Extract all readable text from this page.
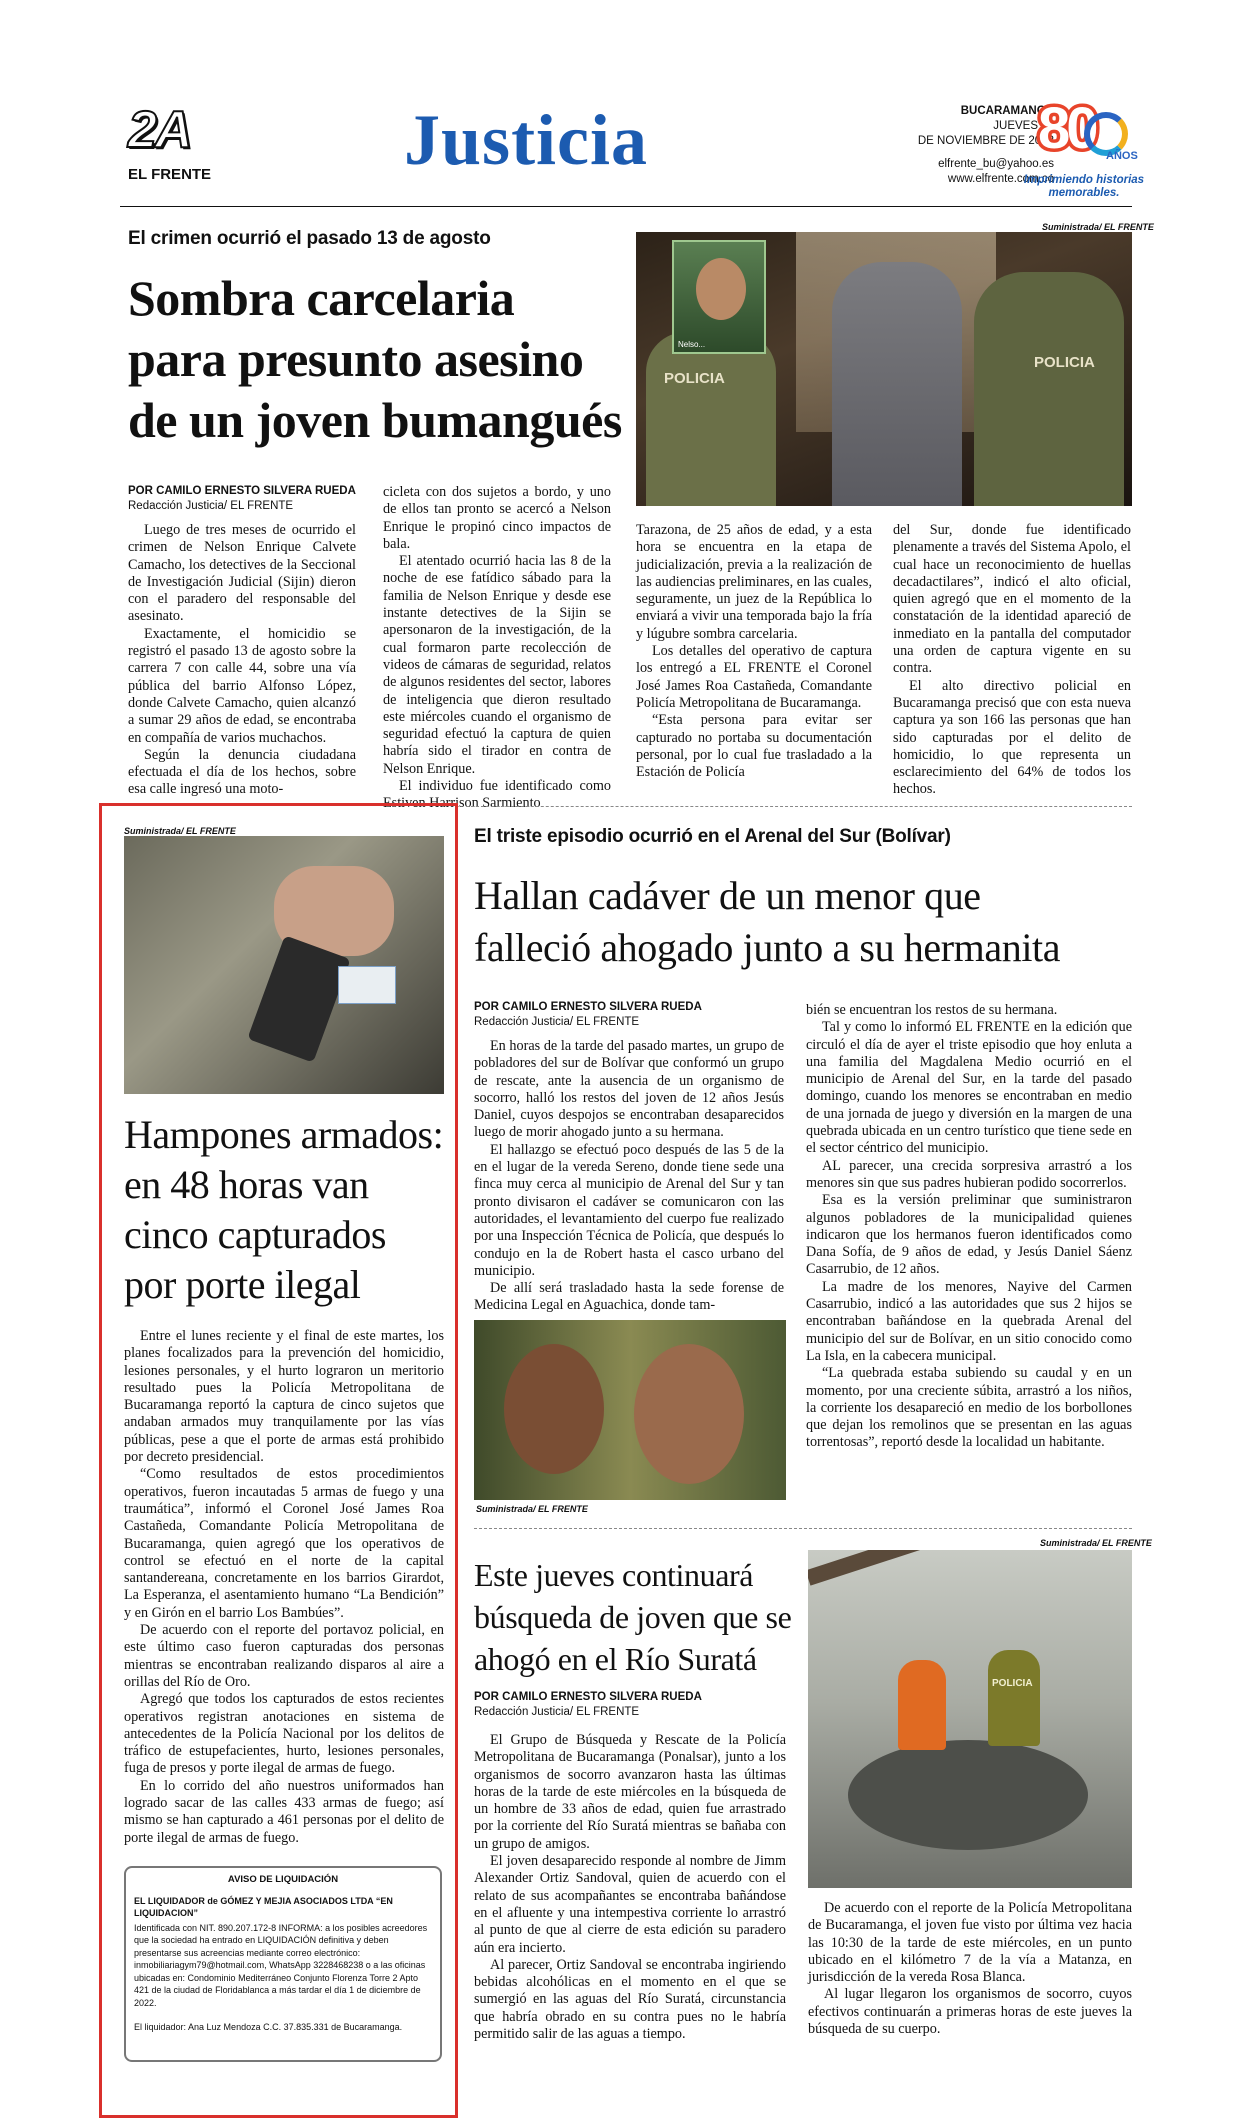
2A
EL FRENTE	Justicia	BUCARAMANGA
JUEVES 17
DE NOVIEMBRE DE 2022
elfrente_bu@yahoo.es
www.elfrente.com.co
80 AÑOS
Imprimiendo historias
memorables.
El crimen ocurrió el pasado 13 de agosto
Sombra carcelaria
para presunto asesino
de un joven bumangués
Suministrada/ EL FRENTE
POLICIA
POLICIA
Nelso...
POR CAMILO ERNESTO SILVERA RUEDA
Redacción Justicia/ EL FRENTE

Luego de tres meses de ocurrido el crimen de Nelson Enrique Calvete Camacho, los detectives de la Seccional de Investigación Judicial (Sijin) dieron con el paradero del responsable del asesinato.

Exactamente, el homicidio se registró el pasado 13 de agosto sobre la carrera 7 con calle 44, sobre una vía pública del barrio Alfonso López, donde Calvete Camacho, quien alcanzó a sumar 29 años de edad, se encontraba en compañía de varios muchachos.

Según la denuncia ciudadana efectuada el día de los hechos, sobre esa calle ingresó una moto-

cicleta con dos sujetos a bordo, y uno de ellos tan pronto se acercó a Nelson Enrique le propinó cinco impactos de bala.

El atentado ocurrió hacia las 8 de la noche de ese fatídico sábado para la familia de Nelson Enrique y desde ese instante detectives de la Sijin se apersonaron de la investigación, de la cual formaron parte recolección de videos de cámaras de seguridad, relatos de algunos residentes del sector, labores de inteligencia que dieron resultado este miércoles cuando el organismo de seguridad efectuó la captura de quien habría sido el tirador en contra de Nelson Enrique.

El individuo fue identificado como Estiven Harrison Sarmiento

Tarazona, de 25 años de edad, y a esta hora se encuentra en la etapa de judicialización, previa a la realización de las audiencias preliminares, en las cuales, seguramente, un juez de la República lo enviará a vivir una temporada bajo la fría y lúgubre sombra carcelaria.

Los detalles del operativo de captura los entregó a EL FRENTE el Coronel José James Roa Castañeda, Comandante Policía Metropolitana de Bucaramanga.

“Esta persona para evitar ser capturado no portaba su documentación personal, por lo cual fue trasladado a la Estación de Policía

del Sur, donde fue identificado plenamente a través del Sistema Apolo, el cual hace un reconocimiento de huellas decadactilares”, indicó el alto oficial, quien agregó que en el momento de la constatación de la identidad apareció de inmediato en la pantalla del computador una orden de captura vigente en su contra.

El alto directivo policial en Bucaramanga precisó que con esta nueva captura ya son 166 las personas que han sido capturadas por el delito de homicidio, lo que representa un esclarecimiento del 64% de todos los hechos.

Suministrada/ EL FRENTE
Hampones armados:
en 48 horas van
cinco capturados
por porte ilegal

Entre el lunes reciente y el final de este martes, los planes focalizados para la prevención del homicidio, lesiones personales, y el hurto lograron un meritorio resultado pues la Policía Metropolitana de Bucaramanga reportó la captura de cinco sujetos que andaban armados muy tranquilamente por las vías públicas, pese a que el porte de armas está prohibido por decreto presidencial.

“Como resultados de estos procedimientos operativos, fueron incautadas 5 armas de fuego y una traumática”, informó el Coronel José James Roa Castañeda, Comandante Policía Metropolitana de Bucaramanga, quien agregó que los operativos de control se efectuó en el norte de la capital santandereana, concretamente en los barrios Girardot, La Esperanza, el asentamiento humano “La Bendición” y en Girón en el barrio Los Bambúes”.

De acuerdo con el reporte del portavoz policial, en este último caso fueron capturadas dos personas mientras se encontraban realizando disparos al aire a orillas del Río de Oro.

Agregó que todos los capturados de estos recientes operativos registran anotaciones en sistema de antecedentes de la Policía Nacional por los delitos de tráfico de estupefacientes, hurto, lesiones personales, fuga de presos y porte ilegal de armas de fuego.

En lo corrido del año nuestros uniformados han logrado sacar de las calles 433 armas de fuego; así mismo se han capturado a 461 personas por el delito de porte ilegal de armas de fuego.

AVISO DE LIQUIDACIÓN
EL LIQUIDADOR de GÓMEZ Y MEJIA ASOCIADOS LTDA “EN LIQUIDACION”
Identificada con NIT. 890.207.172-8 INFORMA: a los posibles acreedores que la sociedad ha entrado en LIQUIDACIÓN definitiva y deben presentarse sus acreencias mediante correo electrónico: inmobiliariagym79@hotmail.com, WhatsApp 3228468238 o a las oficinas ubicadas en: Condominio Mediterráneo Conjunto Florenza Torre 2 Apto 421 de la ciudad de Floridablanca a más tardar el día 1 de diciembre de 2022.
El liquidador: Ana Luz Mendoza C.C. 37.835.331 de Bucaramanga.
El triste episodio ocurrió en el Arenal del Sur (Bolívar)
Hallan cadáver de un menor que
falleció ahogado junto a su hermanita
POR CAMILO ERNESTO SILVERA RUEDA
Redacción Justicia/ EL FRENTE

En horas de la tarde del pasado martes, un grupo de pobladores del sur de Bolívar que conformó un grupo de rescate, ante la ausencia de un organismo de socorro, halló los restos del joven de 12 años Jesús Daniel, cuyos despojos se encontraban desaparecidos luego de morir ahogado junto a su hermana.

El hallazgo se efectuó poco después de las 5 de la en el lugar de la vereda Sereno, donde tiene sede una finca muy cerca al municipio de Arenal del Sur y tan pronto divisaron el cadáver se comunicaron con las autoridades, el levantamiento del cuerpo fue realizado por una Inspección Técnica de Policía, que después lo condujo en la de Robert hasta el casco urbano del municipio.

De allí será trasladado hasta la sede forense de Medicina Legal en Aguachica, donde tam-

Suministrada/ EL FRENTE

bién se encuentran los restos de su hermana.

Tal y como lo informó EL FRENTE en la edición que circuló el día de ayer el triste episodio que hoy enluta a una familia del Magdalena Medio ocurrió en el municipio de Arenal del Sur, en la tarde del pasado domingo, cuando los menores se encontraban en medio de una jornada de juego y diversión en la margen de una quebrada ubicada en un centro turístico que tiene sede en el sector céntrico del municipio.

AL parecer, una crecida sorpresiva arrastró a los menores sin que sus padres hubieran podido socorrerlos.

Esa es la versión preliminar que suministraron algunos pobladores de la municipalidad quienes indicaron que los hermanos fueron identificados como Dana Sofía, de 9 años de edad, y Jesús Daniel Sáenz Casarrubio, de 12 años.

La madre de los menores, Nayive del Carmen Casarrubio, indicó a las autoridades que sus 2 hijos se encontraban bañándose en la quebrada Arenal del municipio del sur de Bolívar, en un sitio conocido como La Isla, en la cabecera municipal.

“La quebrada estaba subiendo su caudal y en un momento, por una creciente súbita, arrastró a los niños, la corriente los desapareció en medio de los borbollones que dejan los remolinos que se presentan en las aguas torrentosas”, reportó desde la localidad un habitante.

Este jueves continuará
búsqueda de joven que se
ahogó en el Río Suratá
POR CAMILO ERNESTO SILVERA RUEDA
Redacción Justicia/ EL FRENTE

El Grupo de Búsqueda y Rescate de la Policía Metropolitana de Bucaramanga (Ponalsar), junto a los organismos de socorro avanzaron hasta las últimas horas de la tarde de este miércoles en la búsqueda de un hombre de 33 años de edad, quien fue arrastrado por la corriente del Río Suratá mientras se bañaba con un grupo de amigos.

El joven desaparecido responde al nombre de Jimm Alexander Ortiz Sandoval, quien de acuerdo con el relato de sus acompañantes se encontraba bañándose en el afluente y una intempestiva corriente lo arrastró al punto de que al cierre de esta edición su paradero aún era incierto.

Al parecer, Ortiz Sandoval se encontraba ingiriendo bebidas alcohólicas en el momento en el que se sumergió en las aguas del Río Suratá, circunstancia que habría obrado en su contra pues no le habría permitido salir de las aguas a tiempo.

Suministrada/ EL FRENTE
POLICIA

De acuerdo con el reporte de la Policía Metropolitana de Bucaramanga, el joven fue visto por última vez hacia las 10:30 de la tarde de este miércoles, en un punto ubicado en el kilómetro 7 de la vía a Matanza, en jurisdicción de la vereda Rosa Blanca.

Al lugar llegaron los organismos de socorro, cuyos efectivos continuarán a primeras horas de este jueves la búsqueda de su cuerpo.
